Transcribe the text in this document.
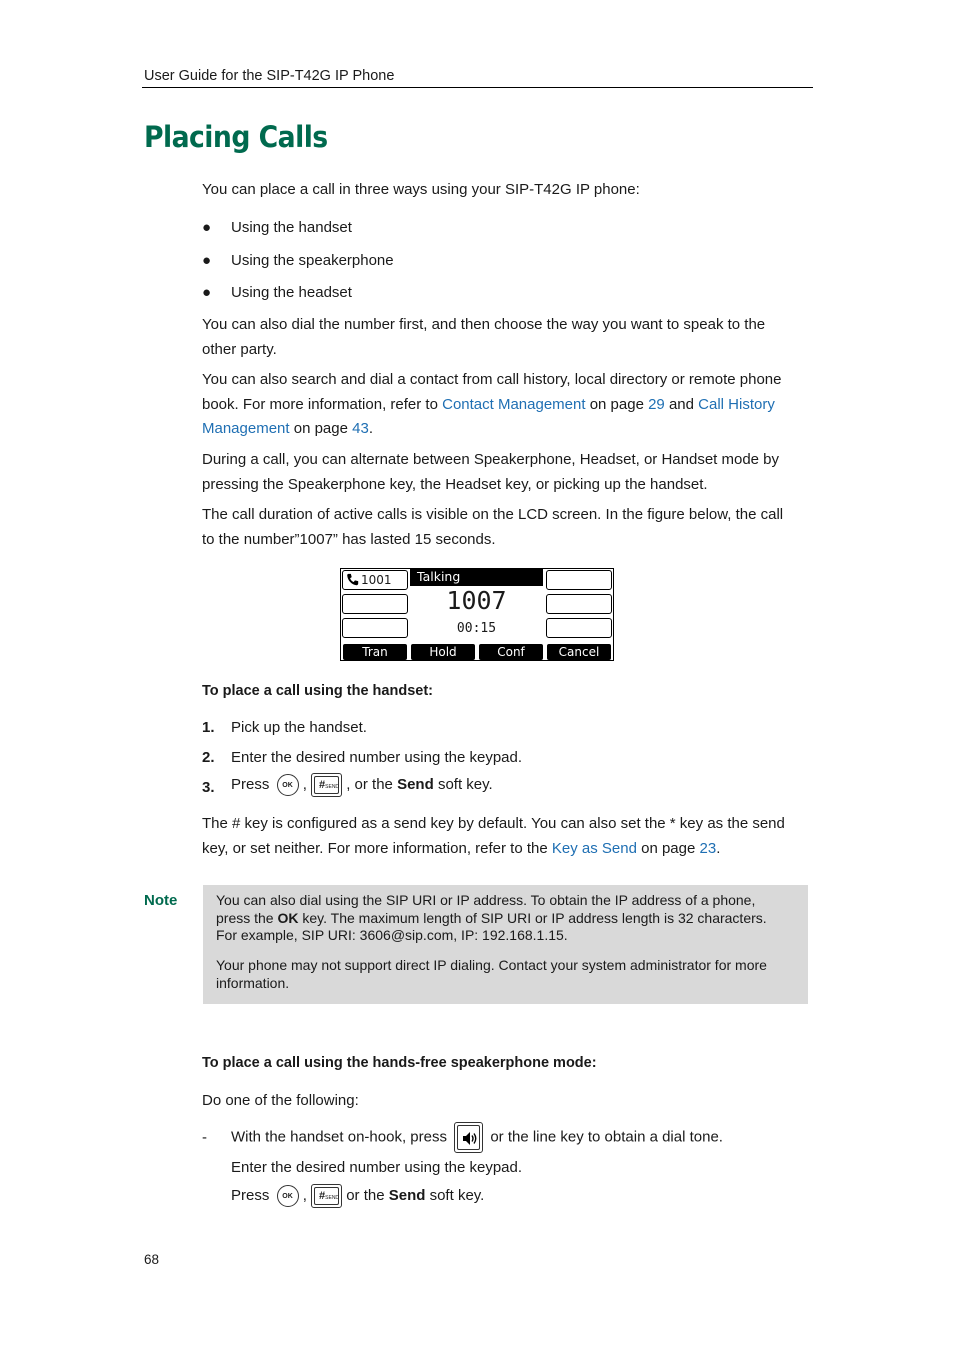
User Guide for the SIP-T42G IP Phone
Placing Calls
You can place a call in three ways using your SIP-T42G IP phone:
● Using the handset
● Using the speakerphone
● Using the headset
You can also dial the number first, and then choose the way you want to speak to the
other party.
You can also search and dial a contact from call history, local directory or remote phone
book. For more information, refer to Contact Management on page 29 and Call History
Management on page 43.
During a call, you can alternate between Speakerphone, Headset, or Handset mode by
pressing the Speakerphone key, the Headset key, or picking up the handset.
The call duration of active calls is visible on the LCD screen. In the figure below, the call
to the number”1007” has lasted 15 seconds.
1001 Talking
1007
00:15
Tran	Hold	Conf	Cancel
To place a call using the handset:
1. Pick up the handset.
2. Enter the desired number using the keypad.
3. Press OK ,	#SEND , or the Send soft key.
The # key is configured as a send key by default. You can also set the * key as the send
key, or set neither. For more information, refer to the Key as Send on page 23.
Note	You can also dial using the SIP URI or IP address. To obtain the IP address of a phone,
press the OK key. The maximum length of SIP URI or IP address length is 32 characters.
For example, SIP URI: 3606@sip.com, IP: 192.168.1.15.
Your phone may not support direct IP dialing. Contact your system administrator for more
information.
To place a call using the hands-free speakerphone mode:
Do one of the following:
- With the handset on-hook, press	or the line key to obtain a dial tone.
Enter the desired number using the keypad.
Press OK ,	#SEND or the Send soft key.
68
